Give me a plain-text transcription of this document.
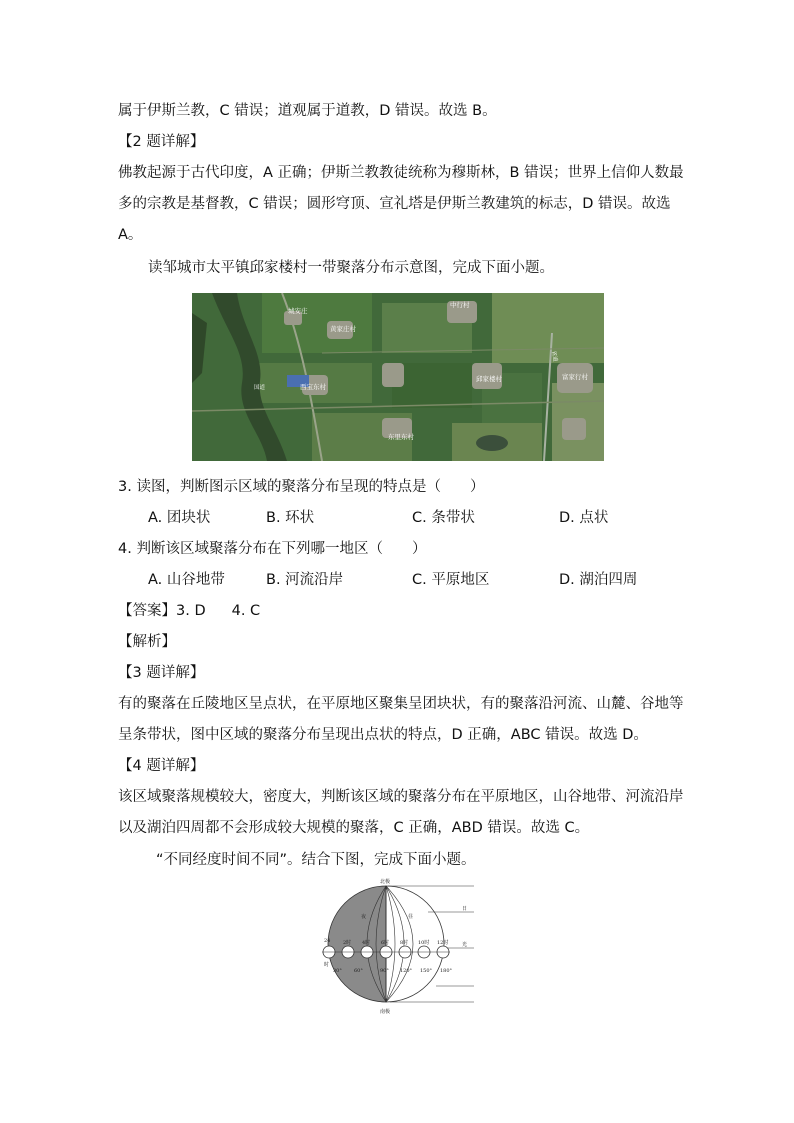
属于伊斯兰教，C 错误；道观属于道教，D 错误。故选 B。
【2 题详解】
佛教起源于古代印度，A 正确；伊斯兰教教徒统称为穆斯林，B 错误；世界上信仰人数最
多的宗教是基督教，C 错误；圆形穹顶、宣礼塔是伊斯兰教建筑的标志，D 错误。故选
A。
读邹城市太平镇邱家楼村一带聚落分布示意图，完成下面小题。
城安庄
黄家庄村
中行村
西宝东村
邱家楼村	富家行村
东里东村
国道
省道
3. 读图，判断图示区域的聚落分布呈现的特点是（　　）
A. 团块状	B. 环状	C. 条带状	D. 点状
4. 判断该区域聚落分布在下列哪一地区（　　）
A. 山谷地带	B. 河流沿岸	C. 平原地区	D. 湖泊四周
【答案】3. D 4. C
【解析】
【3 题详解】
有的聚落在丘陵地区呈点状，在平原地区聚集呈团块状，有的聚落沿河流、山麓、谷地等
呈条带状，图中区域的聚落分布呈现出点状的特点，D 正确，ABC 错误。故选 D。
【4 题详解】
该区域聚落规模较大，密度大，判断该区域的聚落分布在平原地区，山谷地带、河流沿岸
以及湖泊四周都不会形成较大规模的聚落，C 正确，ABD 错误。故选 C。
“不同经度时间不同”。结合下图，完成下面小题。
北极
南极
夜	昼
日
光
24
时
2时 4时 6时 8时 10时 12时
30° 60°	90° 120° 150° 180°
